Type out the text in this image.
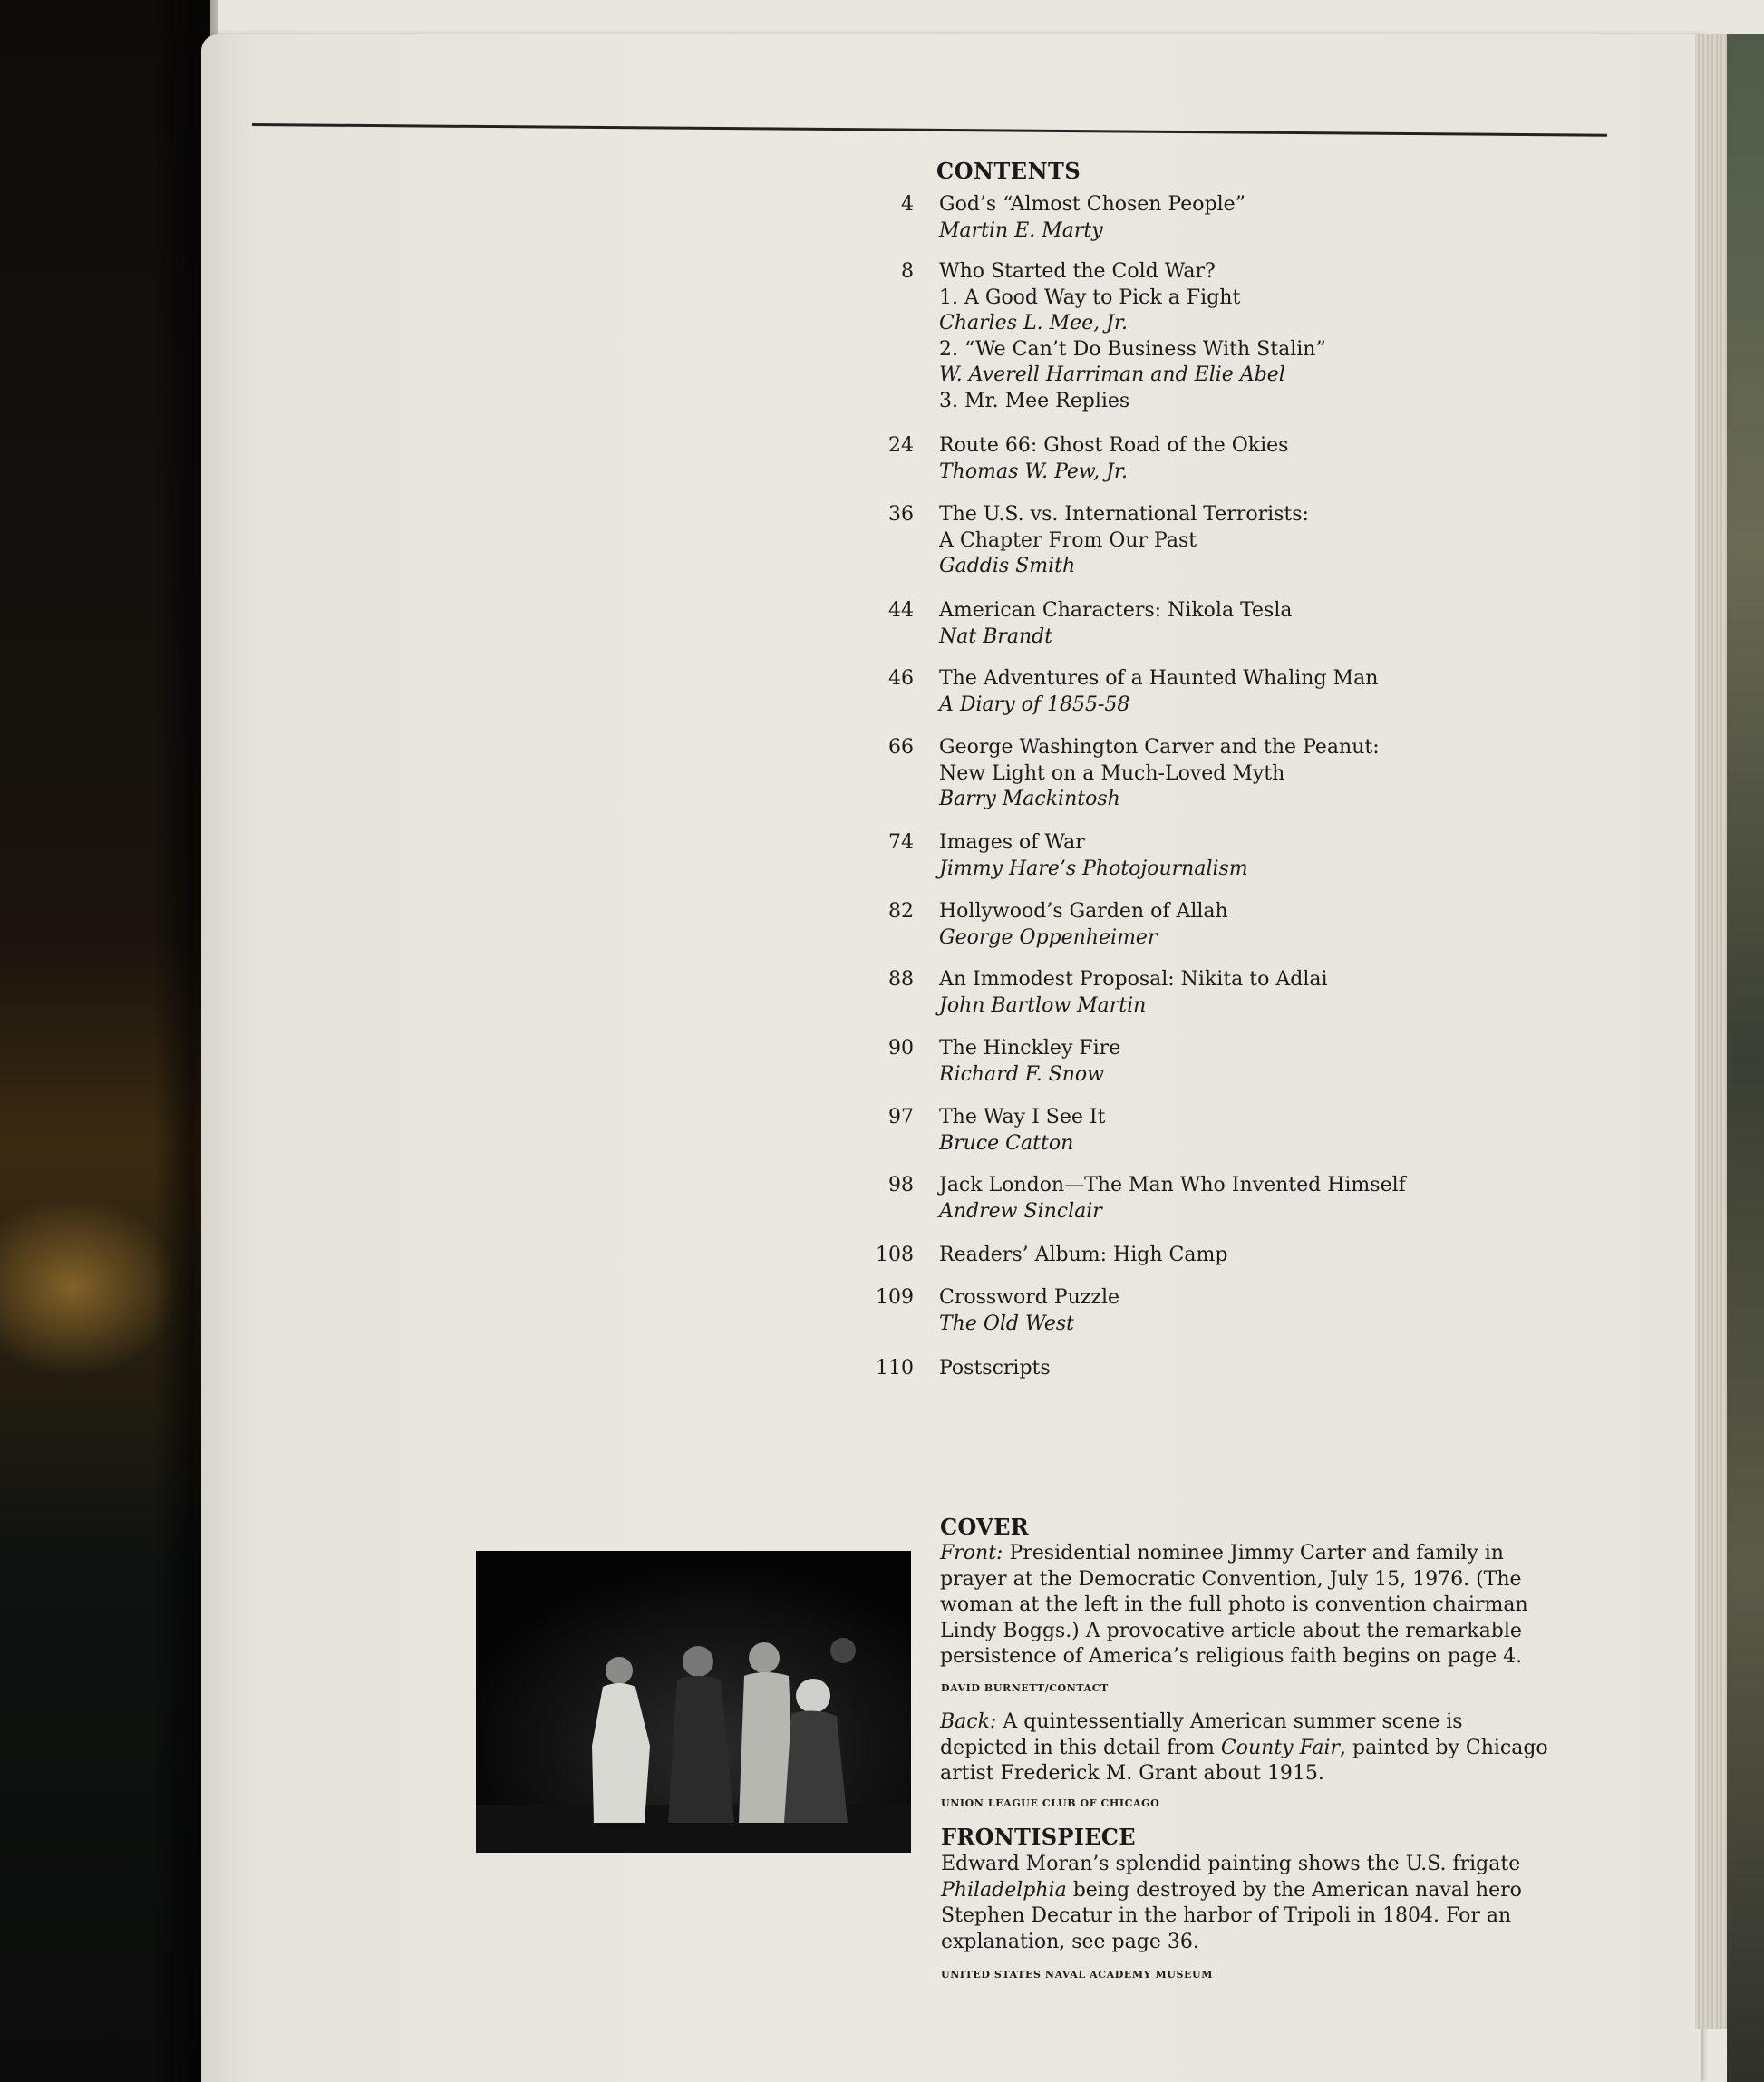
CONTENTS
4 God’s “Almost Chosen People”
Martin E. Marty
8 Who Started the Cold War?
1. A Good Way to Pick a Fight
Charles L. Mee, Jr.
2. “We Can’t Do Business With Stalin”
W. Averell Harriman and Elie Abel
3. Mr. Mee Replies
24 Route 66: Ghost Road of the Okies
Thomas W. Pew, Jr.
36 The U.S. vs. International Terrorists:
A Chapter From Our Past
Gaddis Smith
44 American Characters: Nikola Tesla
Nat Brandt
46 The Adventures of a Haunted Whaling Man
A Diary of 1855-58
66 George Washington Carver and the Peanut:
New Light on a Much-Loved Myth
Barry Mackintosh
74 Images of War
Jimmy Hare’s Photojournalism
82 Hollywood’s Garden of Allah
George Oppenheimer
88 An Immodest Proposal: Nikita to Adlai
John Bartlow Martin
90 The Hinckley Fire
Richard F. Snow
97 The Way I See It
Bruce Catton
98 Jack London—The Man Who Invented Himself
Andrew Sinclair
108 Readers’ Album: High Camp
109 Crossword Puzzle
The Old West
110 Postscripts
COVER
Front: Presidential nominee Jimmy Carter and family in
prayer at the Democratic Convention, July 15, 1976. (The
woman at the left in the full photo is convention chairman
Lindy Boggs.) A provocative article about the remarkable
persistence of America’s religious faith begins on page 4.
DAVID BURNETT/CONTACT
Back: A quintessentially American summer scene is
depicted in this detail from County Fair, painted by Chicago
artist Frederick M. Grant about 1915.
UNION LEAGUE CLUB OF CHICAGO
FRONTISPIECE
Edward Moran’s splendid painting shows the U.S. frigate
Philadelphia being destroyed by the American naval hero
Stephen Decatur in the harbor of Tripoli in 1804. For an
explanation, see page 36.
UNITED STATES NAVAL ACADEMY MUSEUM
